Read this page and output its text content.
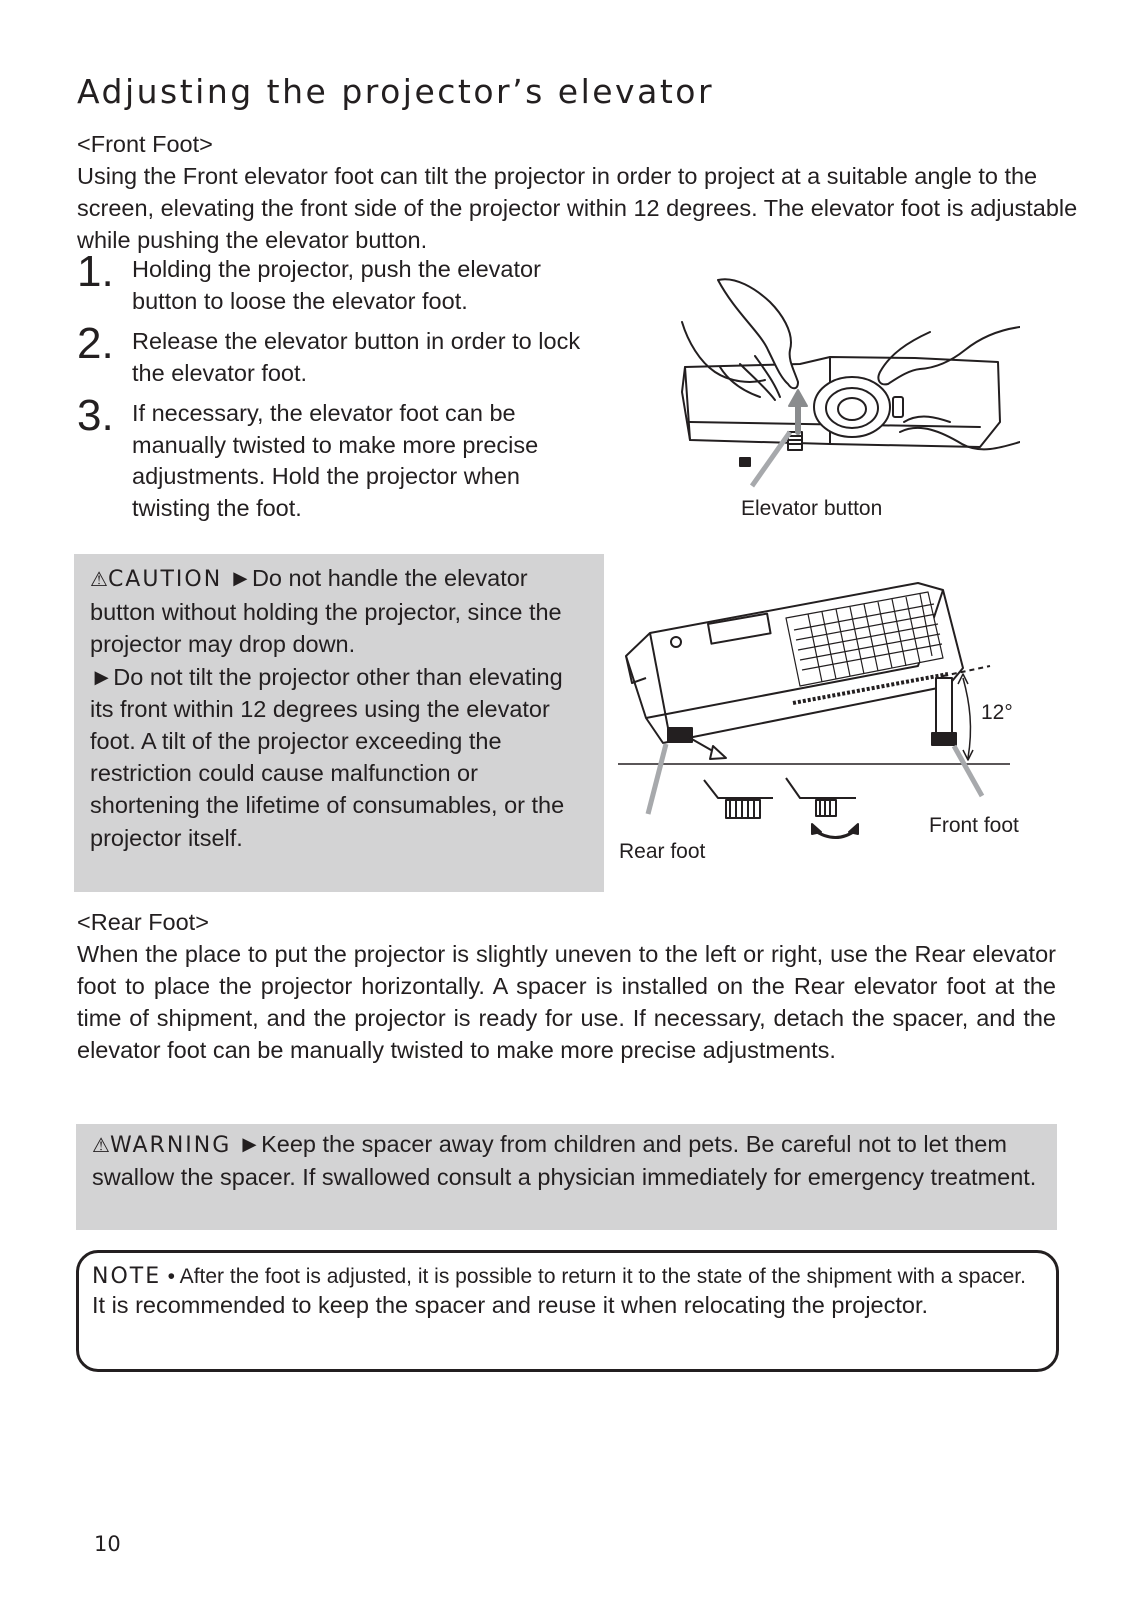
Adjusting the projector’s elevator
<Front Foot>
Using the Front elevator foot can tilt the projector in order to project at a suitable angle to the screen, elevating the front side of the projector within 12 degrees. The elevator foot is adjustable while pushing the elevator button.
1. Holding the projector, push the elevator button to loose the elevator foot.
2. Release the elevator button in order to lock the elevator foot.
3. If necessary, the elevator foot can be manually twisted to make more precise adjustments. Hold the projector when twisting the foot.	Elevator button
⚠CAUTION ►Do not handle the elevator button without holding the projector, since the projector may drop down.
►Do not tilt the projector other than elevating its front within 12 degrees using the elevator foot. A tilt of the projector exceeding the restriction could cause malfunction or shortening the lifetime of consumables, or the projector itself.
12°
Rear foot
Front foot
<Rear Foot>
When the place to put the projector is slightly uneven to the left or right, use the Rear elevator foot to place the projector horizontally. A spacer is installed on the Rear elevator foot at the time of shipment, and the projector is ready for use. If necessary, detach the spacer, and the elevator foot can be manually twisted to make more precise adjustments.
⚠WARNING ►Keep the spacer away from children and pets. Be careful not to let them swallow the spacer. If swallowed consult a physician immediately for emergency treatment.
NOTE • After the foot is adjusted, it is possible to return it to the state of the shipment with a spacer. It is recommended to keep the spacer and reuse it when relocating the projector.
10
